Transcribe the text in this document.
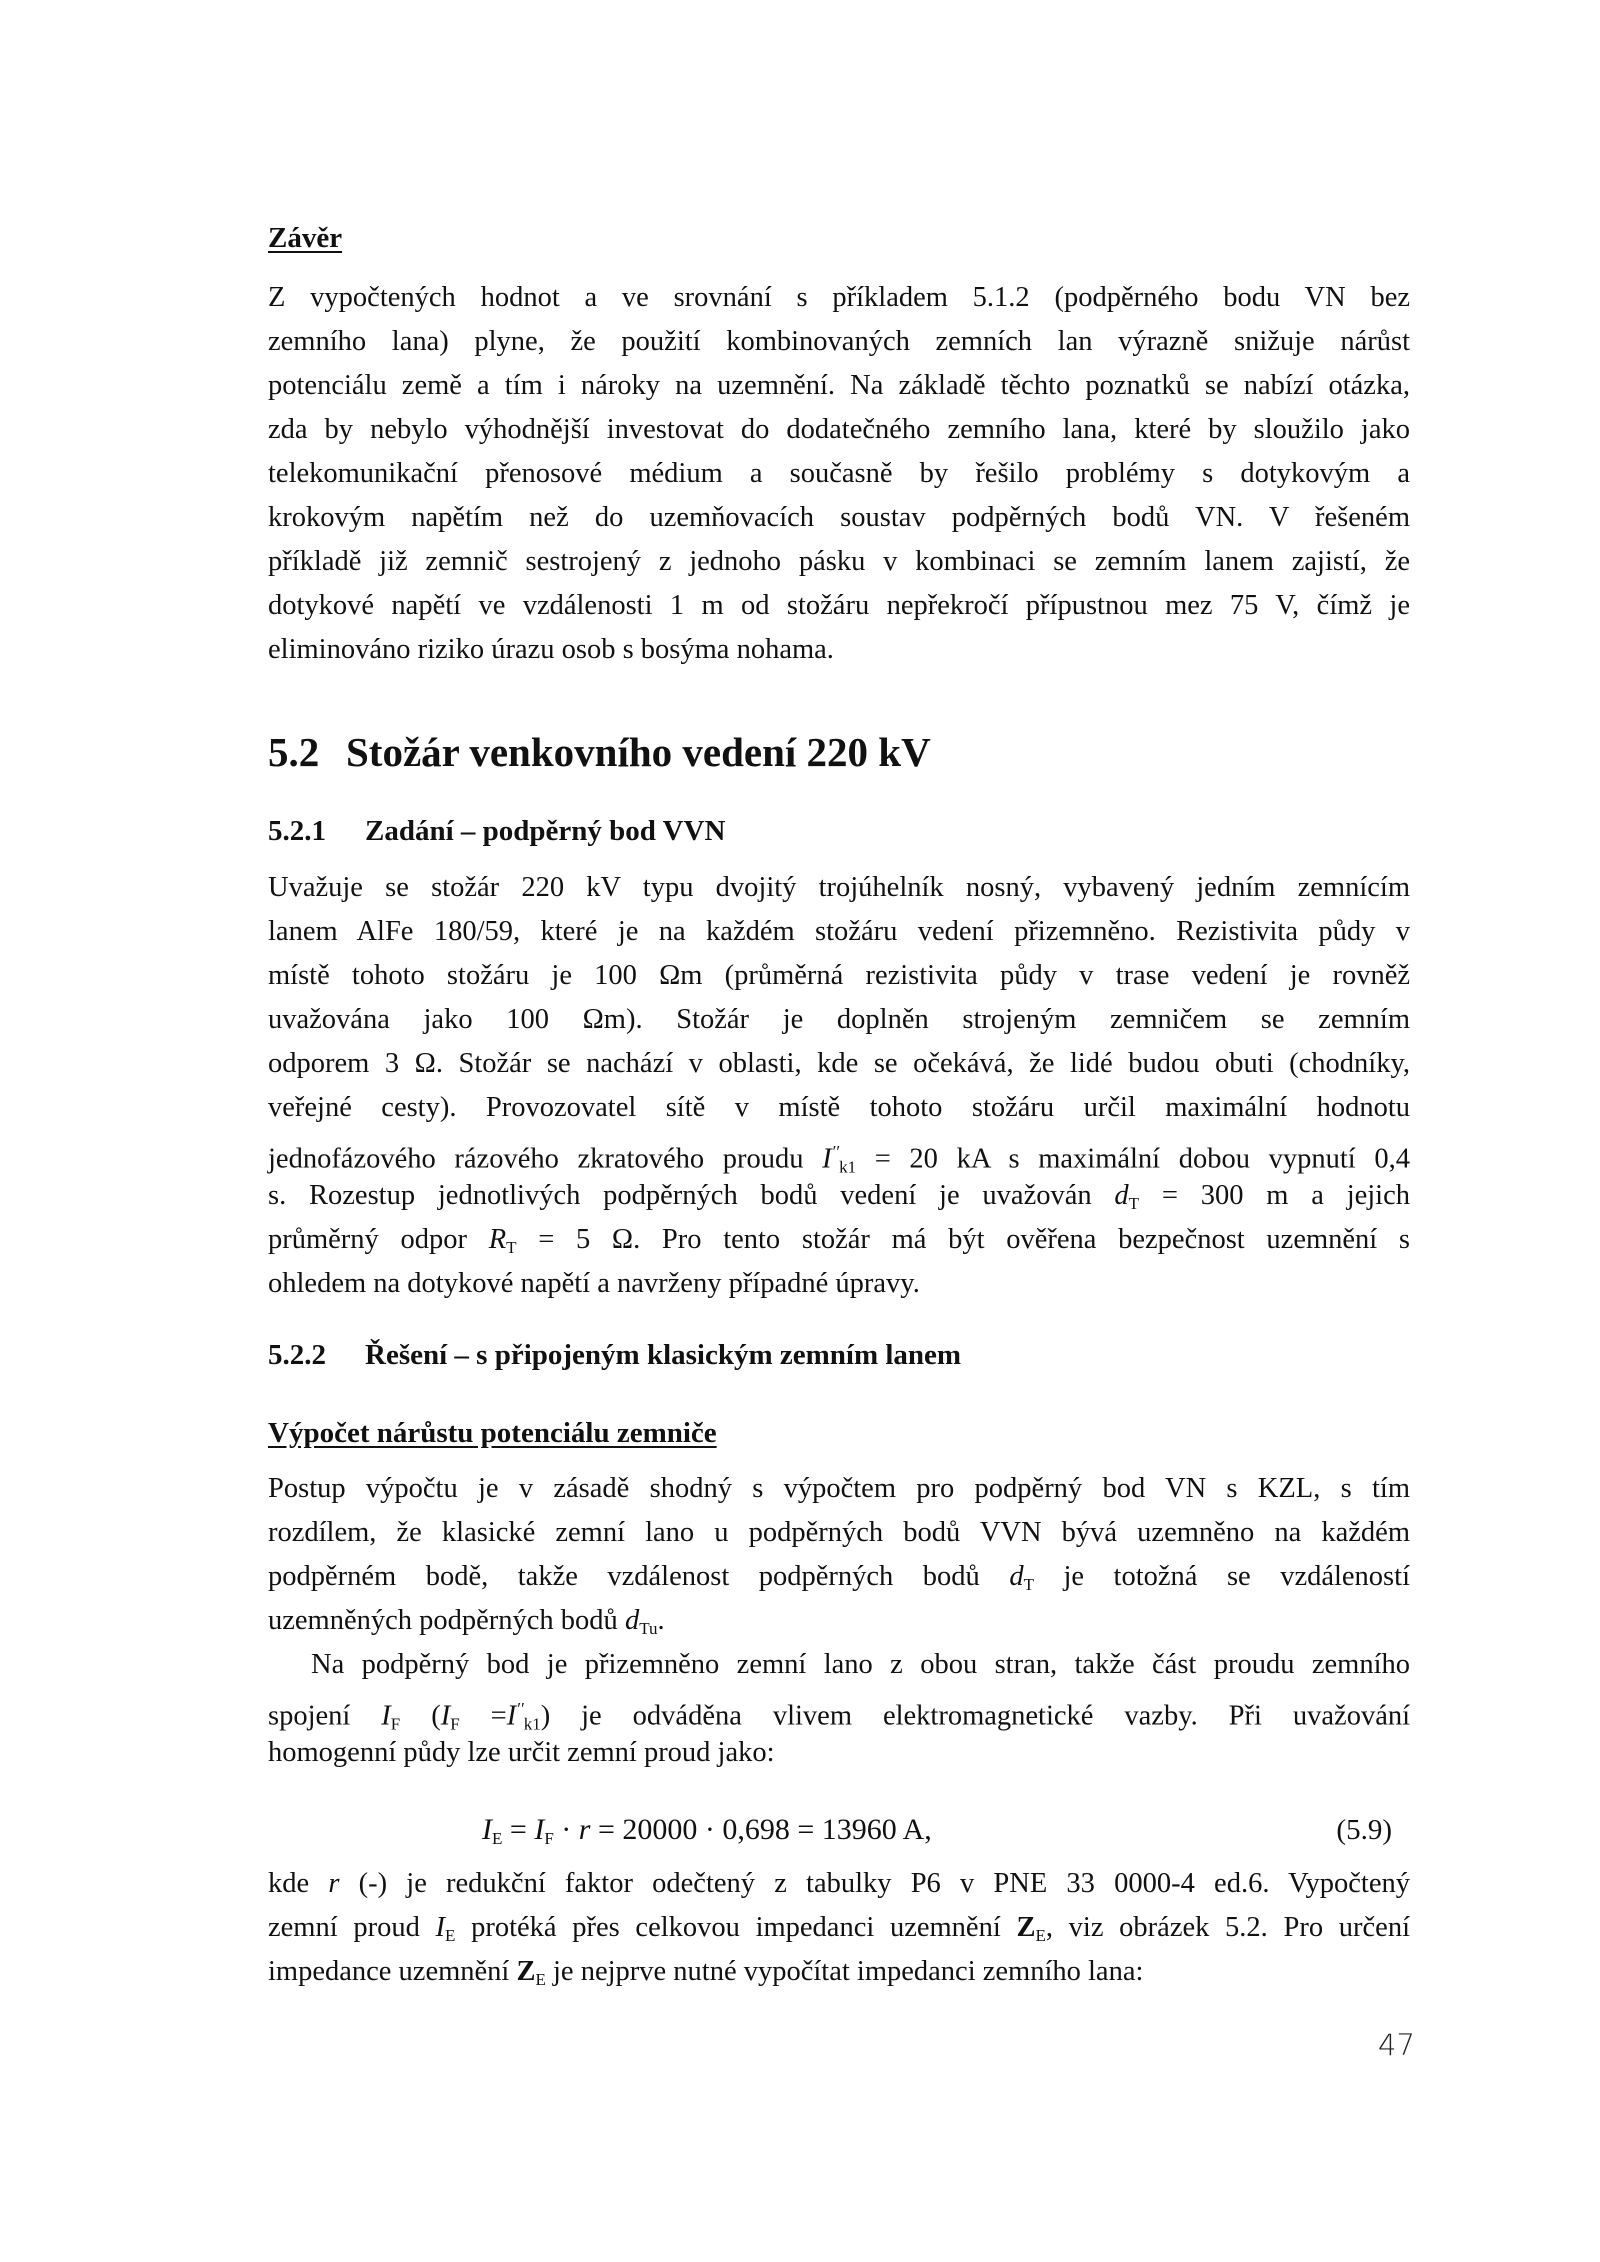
Závěr
Z vypočtených hodnot a ve srovnání s příkladem 5.1.2 (podpěrného bodu VN bez
zemního lana) plyne, že použití kombinovaných zemních lan výrazně snižuje nárůst
potenciálu země a tím i nároky na uzemnění. Na základě těchto poznatků se nabízí otázka,
zda by nebylo výhodnější investovat do dodatečného zemního lana, které by sloužilo jako
telekomunikační přenosové médium a současně by řešilo problémy s dotykovým a
krokovým napětím než do uzemňovacích soustav podpěrných bodů VN. V řešeném
příkladě již zemnič sestrojený z jednoho pásku v kombinaci se zemním lanem zajistí, že
dotykové napětí ve vzdálenosti 1 m od stožáru nepřekročí přípustnou mez 75 V, čímž je
eliminováno riziko úrazu osob s bosýma nohama.
5.2 Stožár venkovního vedení 220 kV
5.2.1 Zadání – podpěrný bod VVN
Uvažuje se stožár 220 kV typu dvojitý trojúhelník nosný, vybavený jedním zemnícím
lanem AlFe 180/59, které je na každém stožáru vedení přizemněno. Rezistivita půdy v
místě tohoto stožáru je 100 Ωm (průměrná rezistivita půdy v trase vedení je rovněž
uvažována jako 100 Ωm). Stožár je doplněn strojeným zemničem se zemním
odporem 3 Ω. Stožár se nachází v oblasti, kde se očekává, že lidé budou obuti (chodníky,
veřejné cesty). Provozovatel sítě v místě tohoto stožáru určil maximální hodnotu
jednofázového rázového zkratového proudu $I''_{k1} = 20$ kA s maximální dobou vypnutí 0,4
s. Rozestup jednotlivých podpěrných bodů vedení je uvažován $d_T = 300$ m a jejich
průměrný odpor $R_T = 5$ Ω. Pro tento stožár má být ověřena bezpečnost uzemnění s
ohledem na dotykové napětí a navrženy případné úpravy.
5.2.2 Řešení – s připojeným klasickým zemním lanem
Výpočet nárůstu potenciálu zemniče
Postup výpočtu je v zásadě shodný s výpočtem pro podpěrný bod VN s KZL, s tím
rozdílem, že klasické zemní lano u podpěrných bodů VVN bývá uzemněno na každém
podpěrném bodě, takže vzdálenost podpěrných bodů $d_T$ je totožná se vzdáleností
uzemněných podpěrných bodů $d_{Tu}$.
Na podpěrný bod je přizemněno zemní lano z obou stran, takže část proudu zemního
spojení $I_F$ $(I_F =I''_{k1})$ je odváděna vlivem elektromagnetické vazby. Při uvažování
homogenní půdy lze určit zemní proud jako:
$I_E = I_F \cdot r = 20000 \cdot 0,698 = 13960$ A,	(5.9)
kde r (-) je redukční faktor odečtený z tabulky P6 v PNE 33 0000-4 ed.6. Vypočtený
zemní proud $I_E$ protéká přes celkovou impedanci uzemnění $Z_E$, viz obrázek 5.2. Pro určení
impedance uzemnění $Z_E$ je nejprve nutné vypočítat impedanci zemního lana:
47
